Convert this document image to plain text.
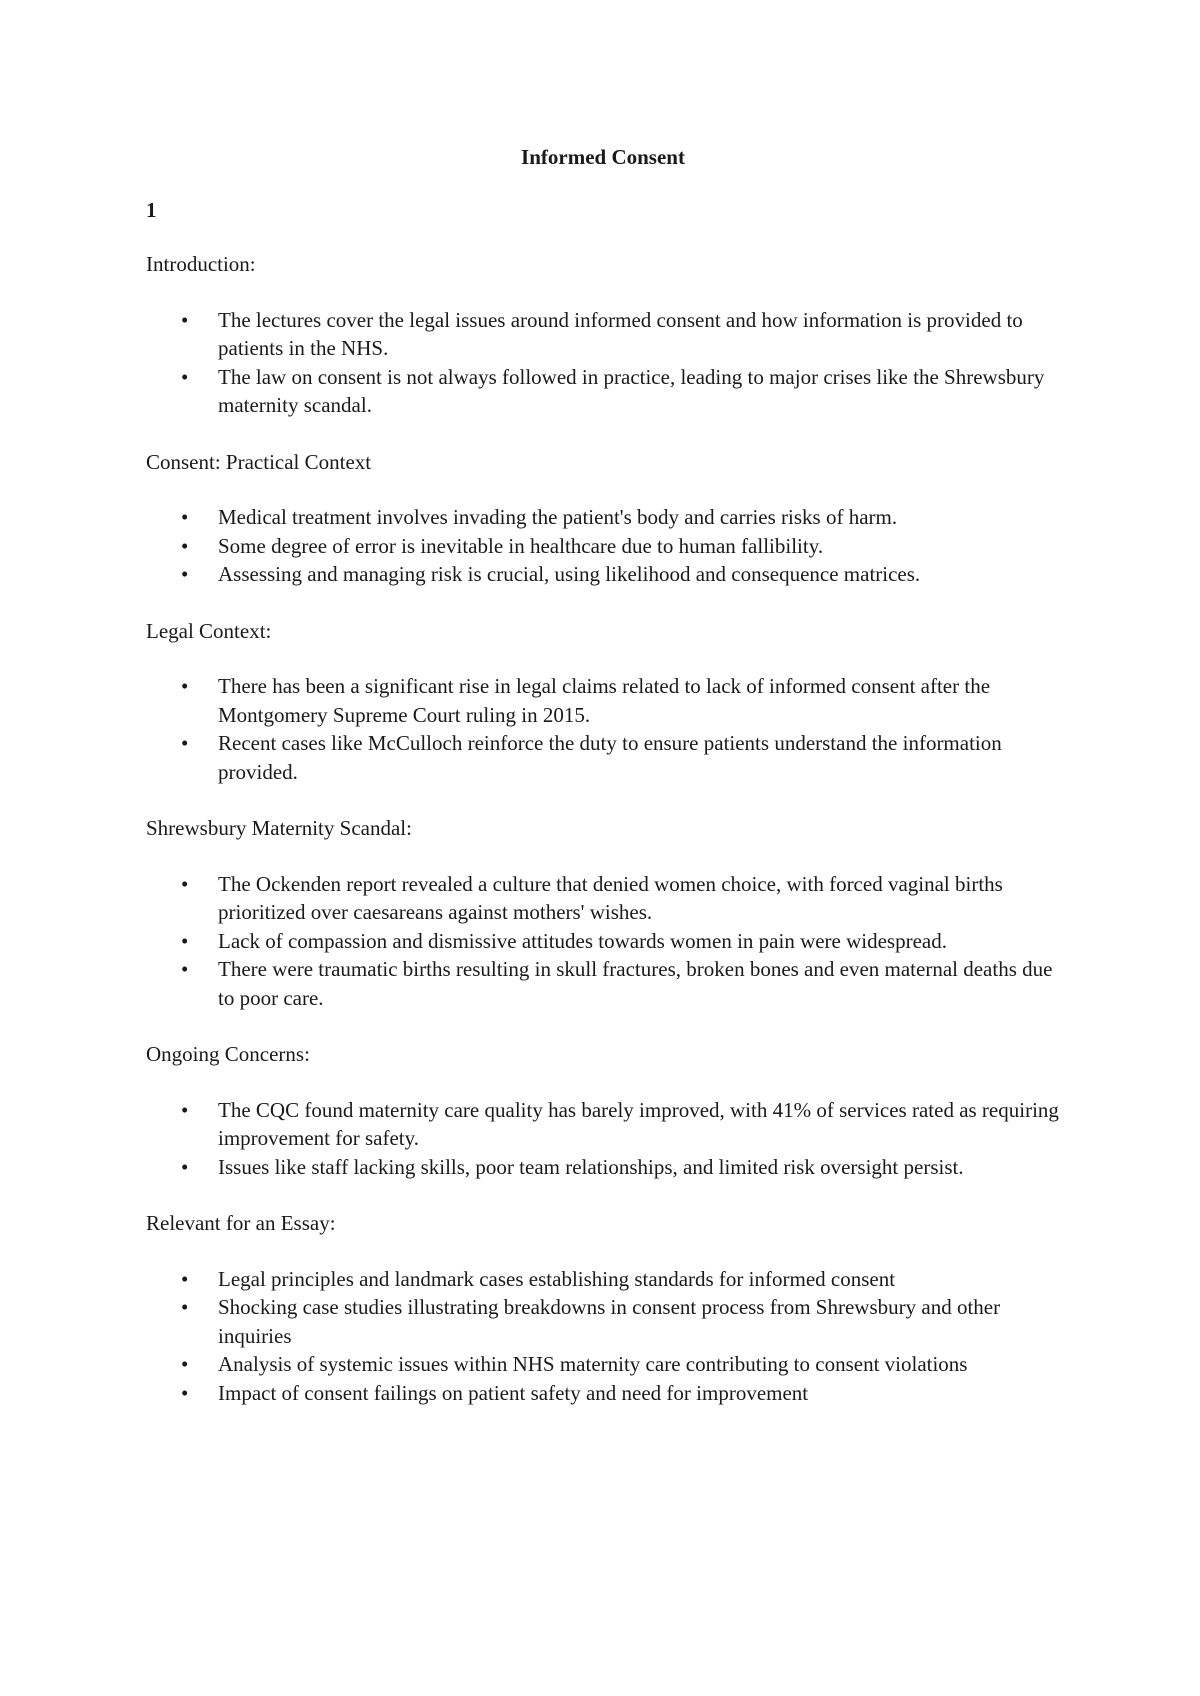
Informed Consent
1
Introduction:
• The lectures cover the legal issues around informed consent and how information is provided to patients in the NHS.
• The law on consent is not always followed in practice, leading to major crises like the Shrewsbury maternity scandal.
Consent: Practical Context
• Medical treatment involves invading the patient's body and carries risks of harm.
• Some degree of error is inevitable in healthcare due to human fallibility.
• Assessing and managing risk is crucial, using likelihood and consequence matrices.
Legal Context:
• There has been a significant rise in legal claims related to lack of informed consent after the Montgomery Supreme Court ruling in 2015.
• Recent cases like McCulloch reinforce the duty to ensure patients understand the information provided.
Shrewsbury Maternity Scandal:
• The Ockenden report revealed a culture that denied women choice, with forced vaginal births prioritized over caesareans against mothers' wishes.
• Lack of compassion and dismissive attitudes towards women in pain were widespread.
• There were traumatic births resulting in skull fractures, broken bones and even maternal deaths due to poor care.
Ongoing Concerns:
• The CQC found maternity care quality has barely improved, with 41% of services rated as requiring improvement for safety.
• Issues like staff lacking skills, poor team relationships, and limited risk oversight persist.
Relevant for an Essay:
• Legal principles and landmark cases establishing standards for informed consent
• Shocking case studies illustrating breakdowns in consent process from Shrewsbury and other inquiries
• Analysis of systemic issues within NHS maternity care contributing to consent violations
• Impact of consent failings on patient safety and need for improvement
